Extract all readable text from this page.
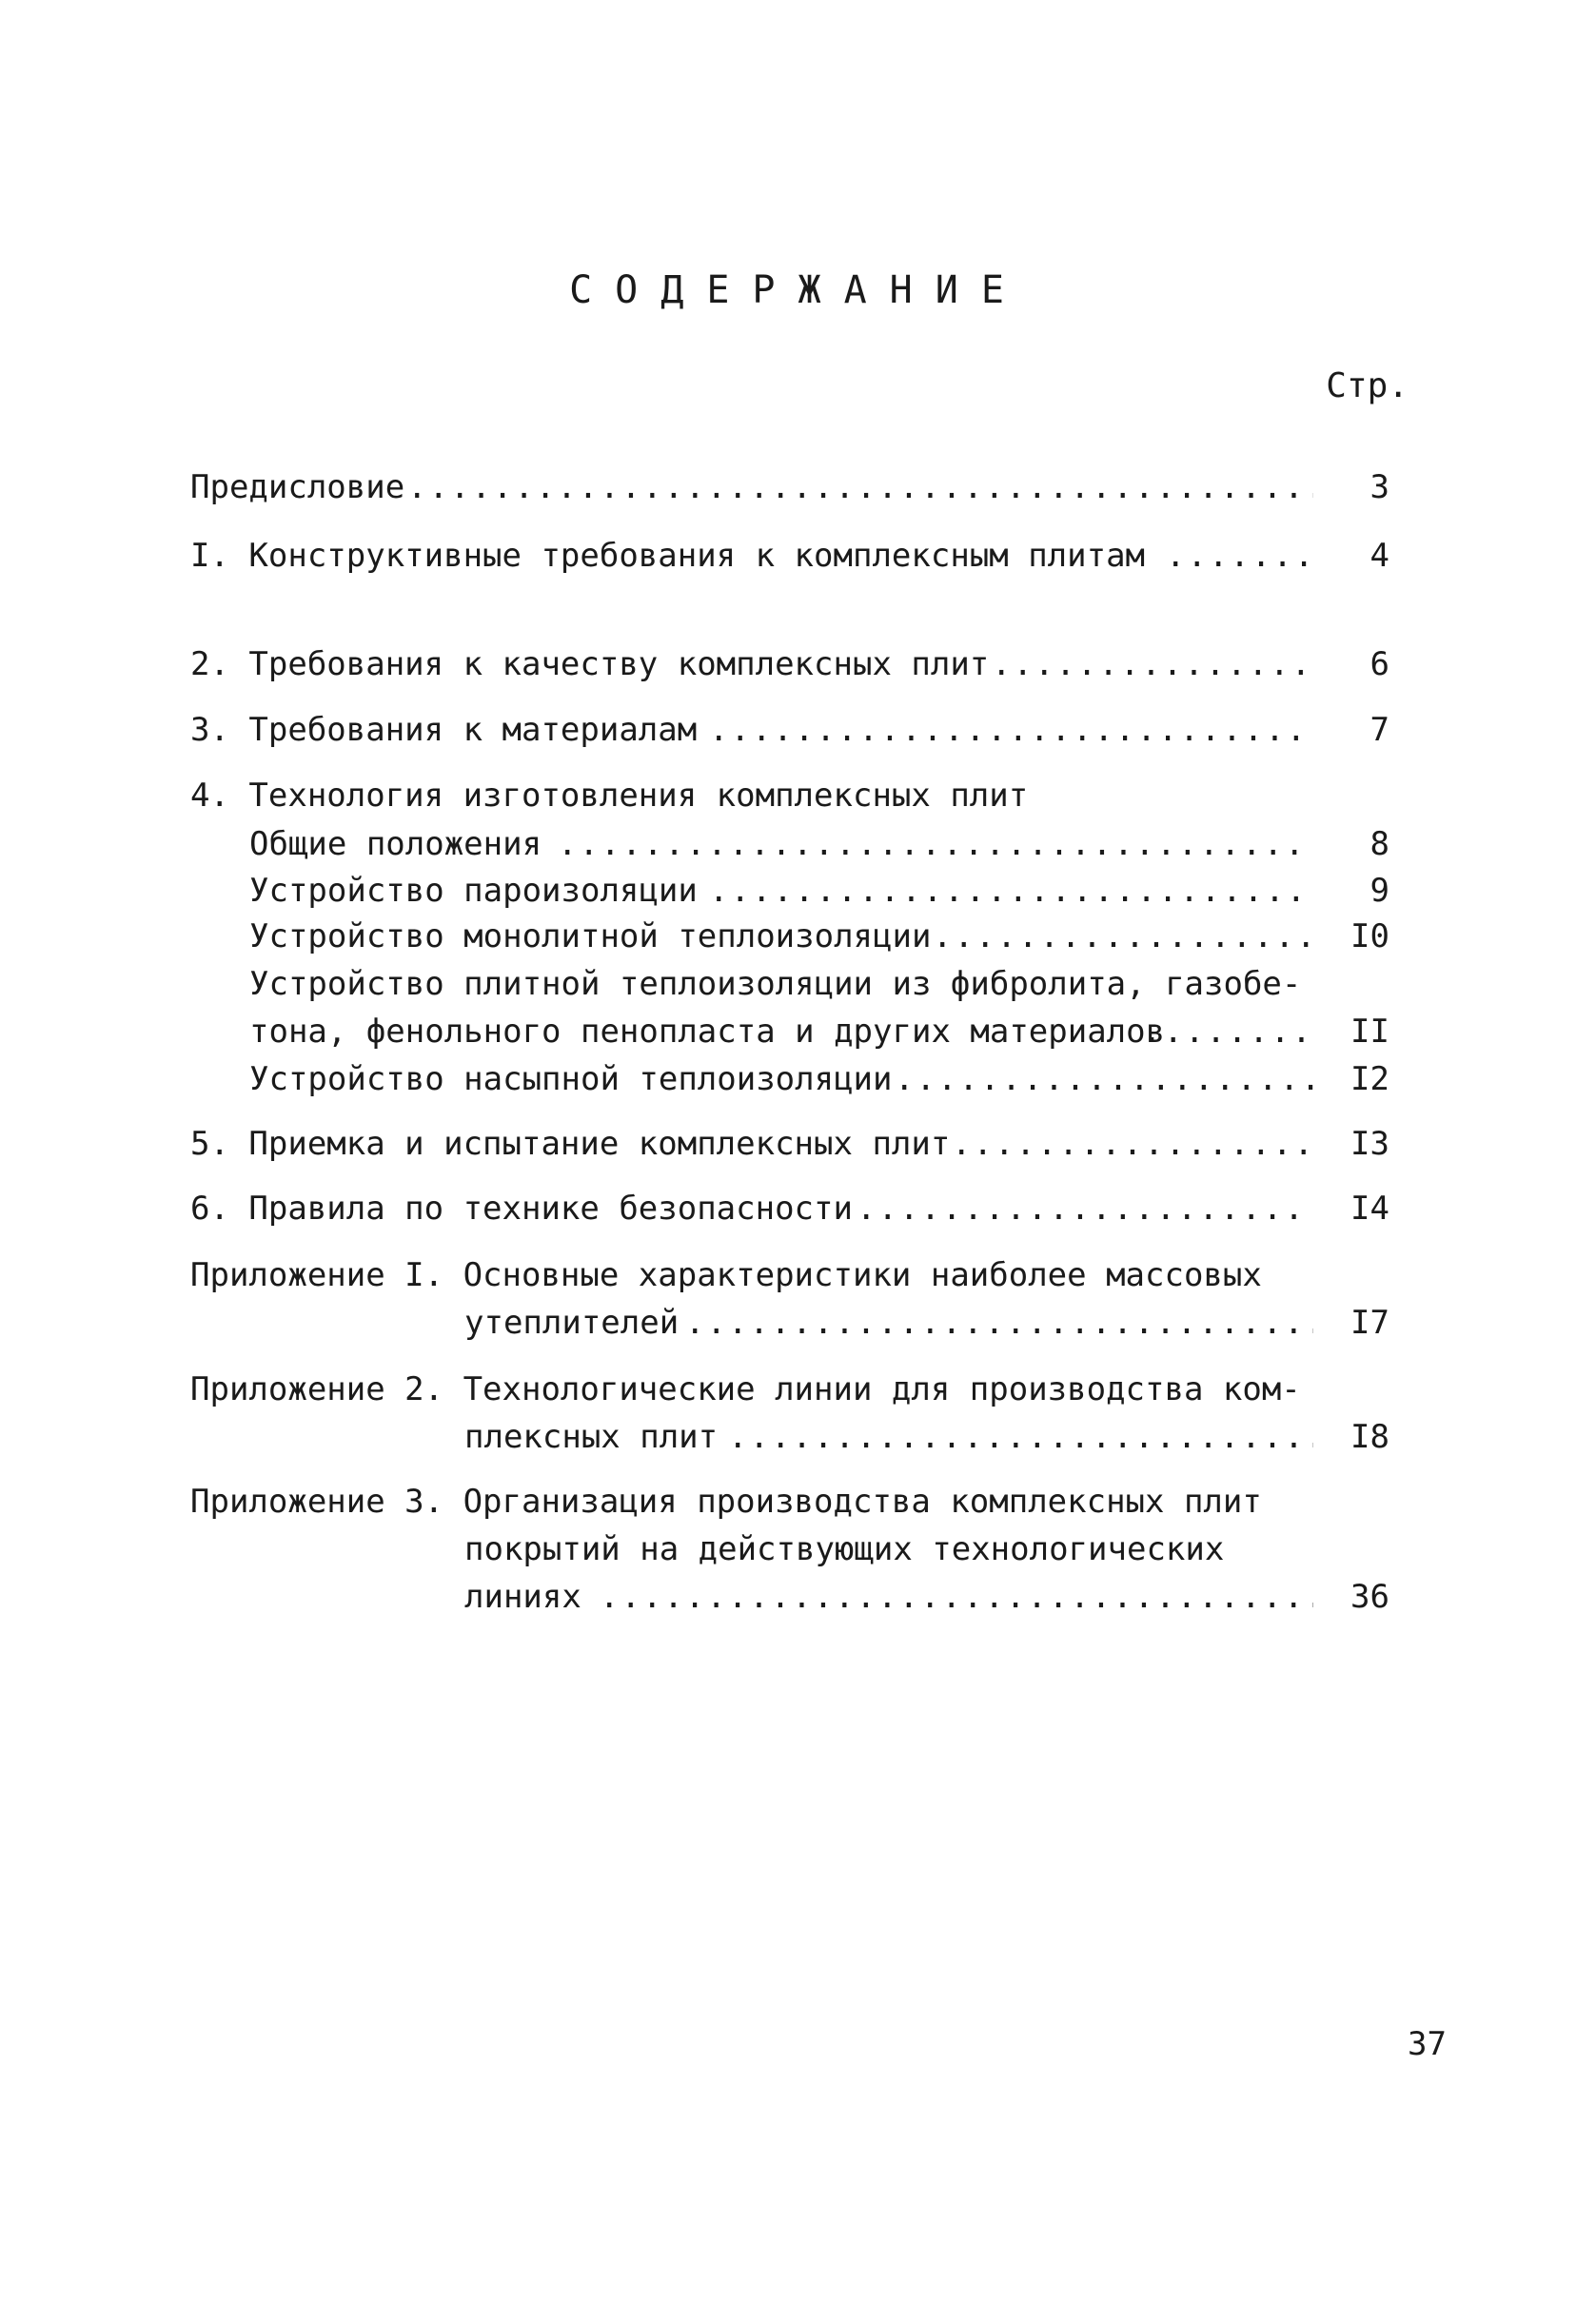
СОДЕРЖАНИЕ
Стр.
Предисловие .....	3
I. Конструктивные требования к комплексным плитам .....	4
2. Требования к качеству комплексных плит .....	6
3. Требования к материалам .....	7
4. Технология изготовления комплексных плит
Общие положения .....	8
Устройство пароизоляции .....	9
Устройство монолитной теплоизоляции .....	I0
Устройство плитной теплоизоляции из фибролита, газобе-
тона, фенольного пенопласта и других материалов .....	II
Устройство насыпной теплоизоляции .....	I2
5. Приемка и испытание комплексных плит .....	I3
6. Правила по технике безопасности .....	I4
Приложение I. Основные характеристики наиболее массовых
утеплителей .....	I7
Приложение 2. Технологические линии для производства ком-
плексных плит .....	I8
Приложение 3. Организация производства комплексных плит
покрытий на действующих технологических
линиях .....	36
37
